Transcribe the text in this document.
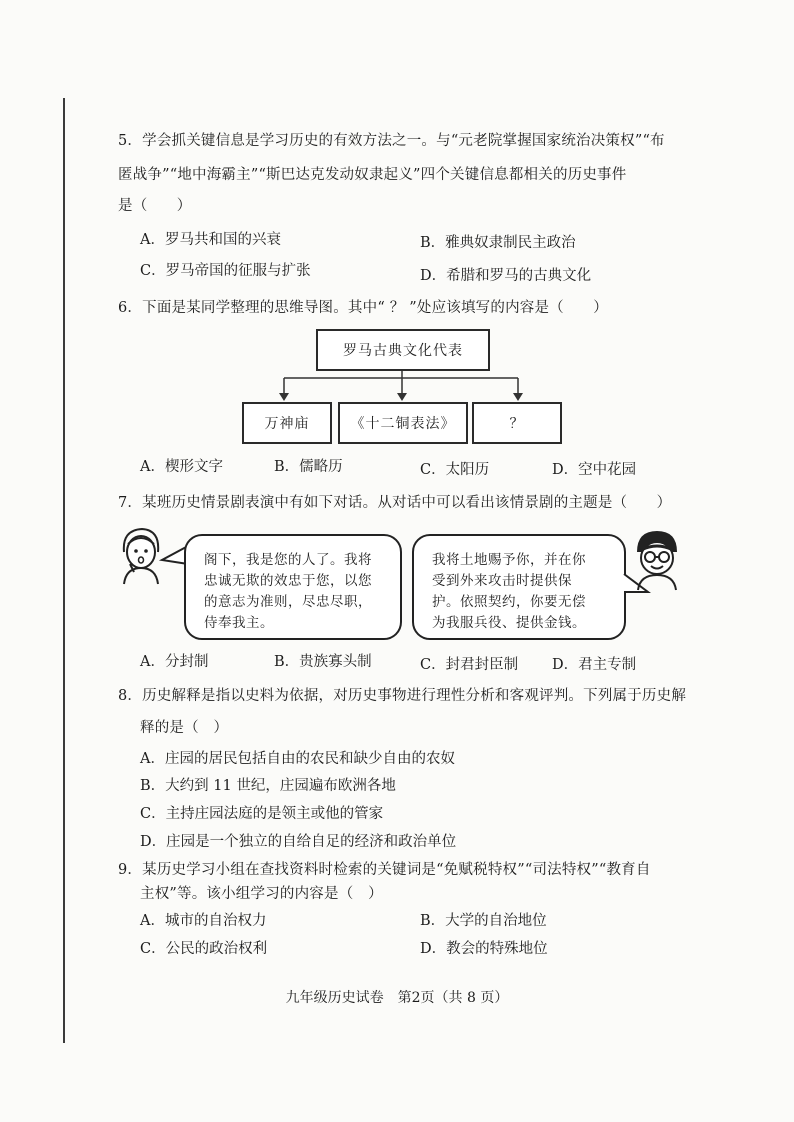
5．学会抓关键信息是学习历史的有效方法之一。与“元老院掌握国家统治决策权”“布
匿战争”“地中海霸主”“斯巴达克发动奴隶起义”四个关键信息都相关的历史事件
是（　　）
A．罗马共和国的兴衰	B．雅典奴隶制民主政治
C．罗马帝国的征服与扩张	D．希腊和罗马的古典文化
6．下面是某同学整理的思维导图。其中“ ？ ”处应该填写的内容是（　　）
罗马古典文化代表
万神庙	《十二铜表法》	？
A．楔形文字	B．儒略历	C．太阳历	D．空中花园
7．某班历史情景剧表演中有如下对话。从对话中可以看出该情景剧的主题是（　　）
阁下，我是您的人了。我将
忠诚无欺的效忠于您，以您
的意志为准则，尽忠尽职，
侍奉我主。
我将土地赐予你，并在你
受到外来攻击时提供保
护。依照契约，你要无偿
为我服兵役、提供金钱。
A．分封制	B．贵族寡头制	C．封君封臣制 D．君主专制
8．历史解释是指以史料为依据，对历史事物进行理性分析和客观评判。下列属于历史解
释的是（　）
A．庄园的居民包括自由的农民和缺少自由的农奴
B．大约到 11 世纪，庄园遍布欧洲各地
C．主持庄园法庭的是领主或他的管家
D．庄园是一个独立的自给自足的经济和政治单位
9．某历史学习小组在查找资料时检索的关键词是“免赋税特权”“司法特权”“教育自
主权”等。该小组学习的内容是（　）
A．城市的自治权力	B．大学的自治地位
C．公民的政治权利	D．教会的特殊地位
九年级历史试卷　第2页（共 8 页）
